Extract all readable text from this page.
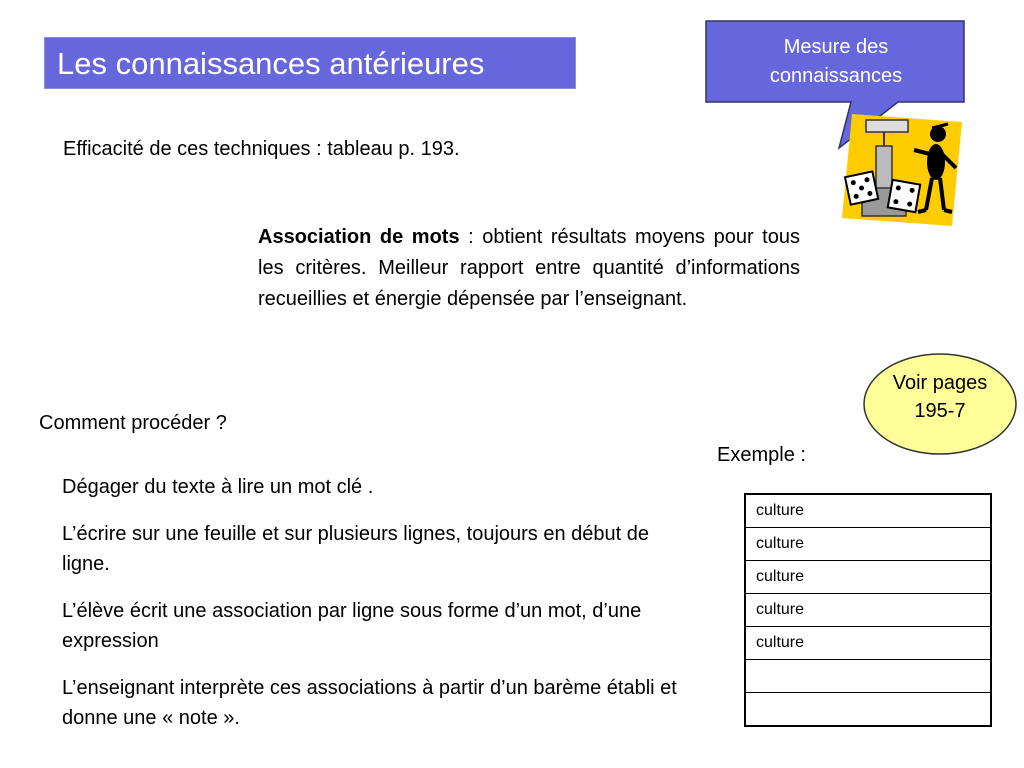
Les connaissances antérieures	Mesure des
connaissances
Efficacité de ces techniques : tableau p. 193.
Association de mots : obtient résultats moyens pour tous les critères. Meilleur rapport entre quantité d’informations recueillies et énergie dépensée par l’enseignant.
Voir pages
195-7
Comment procéder ?
Exemple :
Dégager du texte à lire un mot clé .
L’écrire sur une feuille et sur plusieurs lignes, toujours en début de ligne.
L’élève écrit une association par ligne sous forme d’un mot, d’une expression
L’enseignant interprète ces associations à partir d’un barème établi et donne une « note ».
culture
culture
culture
culture
culture
